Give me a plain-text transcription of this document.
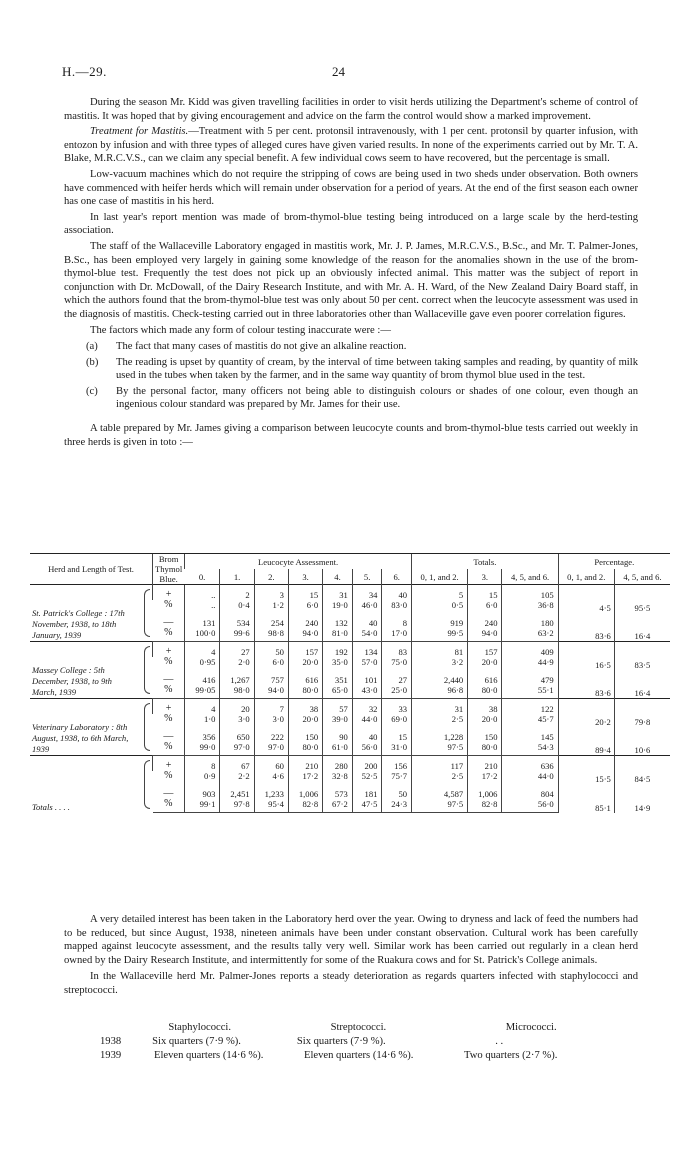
H.—29.	24

During the season Mr. Kidd was given travelling facilities in order to visit herds utilizing the Department's scheme of control of mastitis. It was hoped that by giving encouragement and advice on the farm the control would show a marked improvement.

Treatment for Mastitis.—Treatment with 5 per cent. protonsil intravenously, with 1 per cent. protonsil by quarter infusion, with entozon by infusion and with three types of alleged cures have given varied results. In none of the experiments carried out by Mr. T. A. Blake, M.R.C.V.S., can we claim any special benefit. A few individual cows seem to have recovered, but the percentage is small.

Low-vacuum machines which do not require the stripping of cows are being used in two sheds under observation. Both owners have commenced with heifer herds which will remain under observation for a period of years. At the end of the first season each owner has one case of mastitis in his herd.

In last year's report mention was made of brom-thymol-blue testing being introduced on a large scale by the herd-testing association.

The staff of the Wallaceville Laboratory engaged in mastitis work, Mr. J. P. James, M.R.C.V.S., B.Sc., and Mr. T. Palmer-Jones, B.Sc., has been employed very largely in gaining some knowledge of the reason for the anomalies shown in the use of the brom-thymol-blue test. Frequently the test does not pick up an obviously infected animal. This matter was the subject of report in conjunction with Dr. McDowall, of the Dairy Research Institute, and with Mr. A. H. Ward, of the New Zealand Dairy Board staff, in which the authors found that the brom-thymol-blue test was only about 50 per cent. correct when the leucocyte assessment was used in the diagnosis of mastitis. Check-testing carried out in three laboratories other than Wallaceville gave even poorer correlation figures.

The factors which made any form of colour testing inaccurate were :—

(a)	The fact that many cases of mastitis do not give an alkaline reaction.
(b)	The reading is upset by quantity of cream, by the interval of time between taking samples and reading, by quantity of milk used in the tubes when taken by the farmer, and in the same way quantity of brom thymol blue used in the test.
(c)	By the personal factor, many officers not being able to distinguish colours or shades of one colour, even though an ingenious colour standard was prepared by Mr. James for their use.

A table prepared by Mr. James giving a comparison between leucocyte counts and brom-thymol-blue tests carried out weekly in three herds is given in toto :—

Herd and Length of Test.	Brom Thymol Blue.	Leucocyte Assessment.							Totals.			Percentage.	
		0.	1.	2.	3.	4.	5.	6.	0, 1, and 2.	3.	4, 5, and 6.	0, 1, and 2.	4, 5, and 6.
St. Patrick's College : 17th November, 1938, to 18th January, 1939	+	..	2	3	15	31	34	40	5	15	105	4·5	95·5
	%	..	0·4	1·2	6·0	19·0	46·0	83·0	0·5	6·0	36·8		
	—	131	534	254	240	132	40	8	919	240	180	83·6	16·4
	%	100·0	99·6	98·8	94·0	81·0	54·0	17·0	99·5	94·0	63·2		
Massey College : 5th December, 1938, to 9th March, 1939	+	4	27	50	157	192	134	83	81	157	409	16·5	83·5
	%	0·95	2·0	6·0	20·0	35·0	57·0	75·0	3·2	20·0	44·9		
	—	416	1,267	757	616	351	101	27	2,440	616	479	83·6	16·4
	%	99·05	98·0	94·0	80·0	65·0	43·0	25·0	96·8	80·0	55·1		
Veterinary Laboratory : 8th August, 1938, to 6th March, 1939	+	4	20	7	38	57	32	33	31	38	122	20·2	79·8
	%	1·0	3·0	3·0	20·0	39·0	44·0	69·0	2·5	20·0	45·7		
	—	356	650	222	150	90	40	15	1,228	150	145	89·4	10·6
	%	99·0	97·0	97·0	80·0	61·0	56·0	31·0	97·5	80·0	54·3		
Totals . . . .	+	8	67	60	210	280	200	156	117	210	636	15·5	84·5
	%	0·9	2·2	4·6	17·2	32·8	52·5	75·7	2·5	17·2	44·0		
	—	903	2,451	1,233	1,006	573	181	50	4,587	1,006	804	85·1	14·9
	%	99·1	97·8	95·4	82·8	67·2	47·5	24·3	97·5	82·8	56·0		

A very detailed interest has been taken in the Laboratory herd over the year. Owing to dryness and lack of feed the numbers had to be reduced, but since August, 1938, nineteen animals have been under constant observation. Cultural work has been carefully mapped against leucocyte assessment, and the results tally very well. Similar work has been carried out regularly in a clean herd owned by the Dairy Research Institute, and intermittently for some of the Ruakura cows and for St. Patrick's College animals.

In the Wallaceville herd Mr. Palmer-Jones reports a steady deterioration as regards quarters infected with staphylococci and streptococci.

Staphylococci.	Streptococci.	Micrococci.
1938	Six quarters (7·9 %).	Six quarters (7·9 %).	. .
1939	Eleven quarters (14·6 %).	Eleven quarters (14·6 %).	Two quarters (2·7 %).
